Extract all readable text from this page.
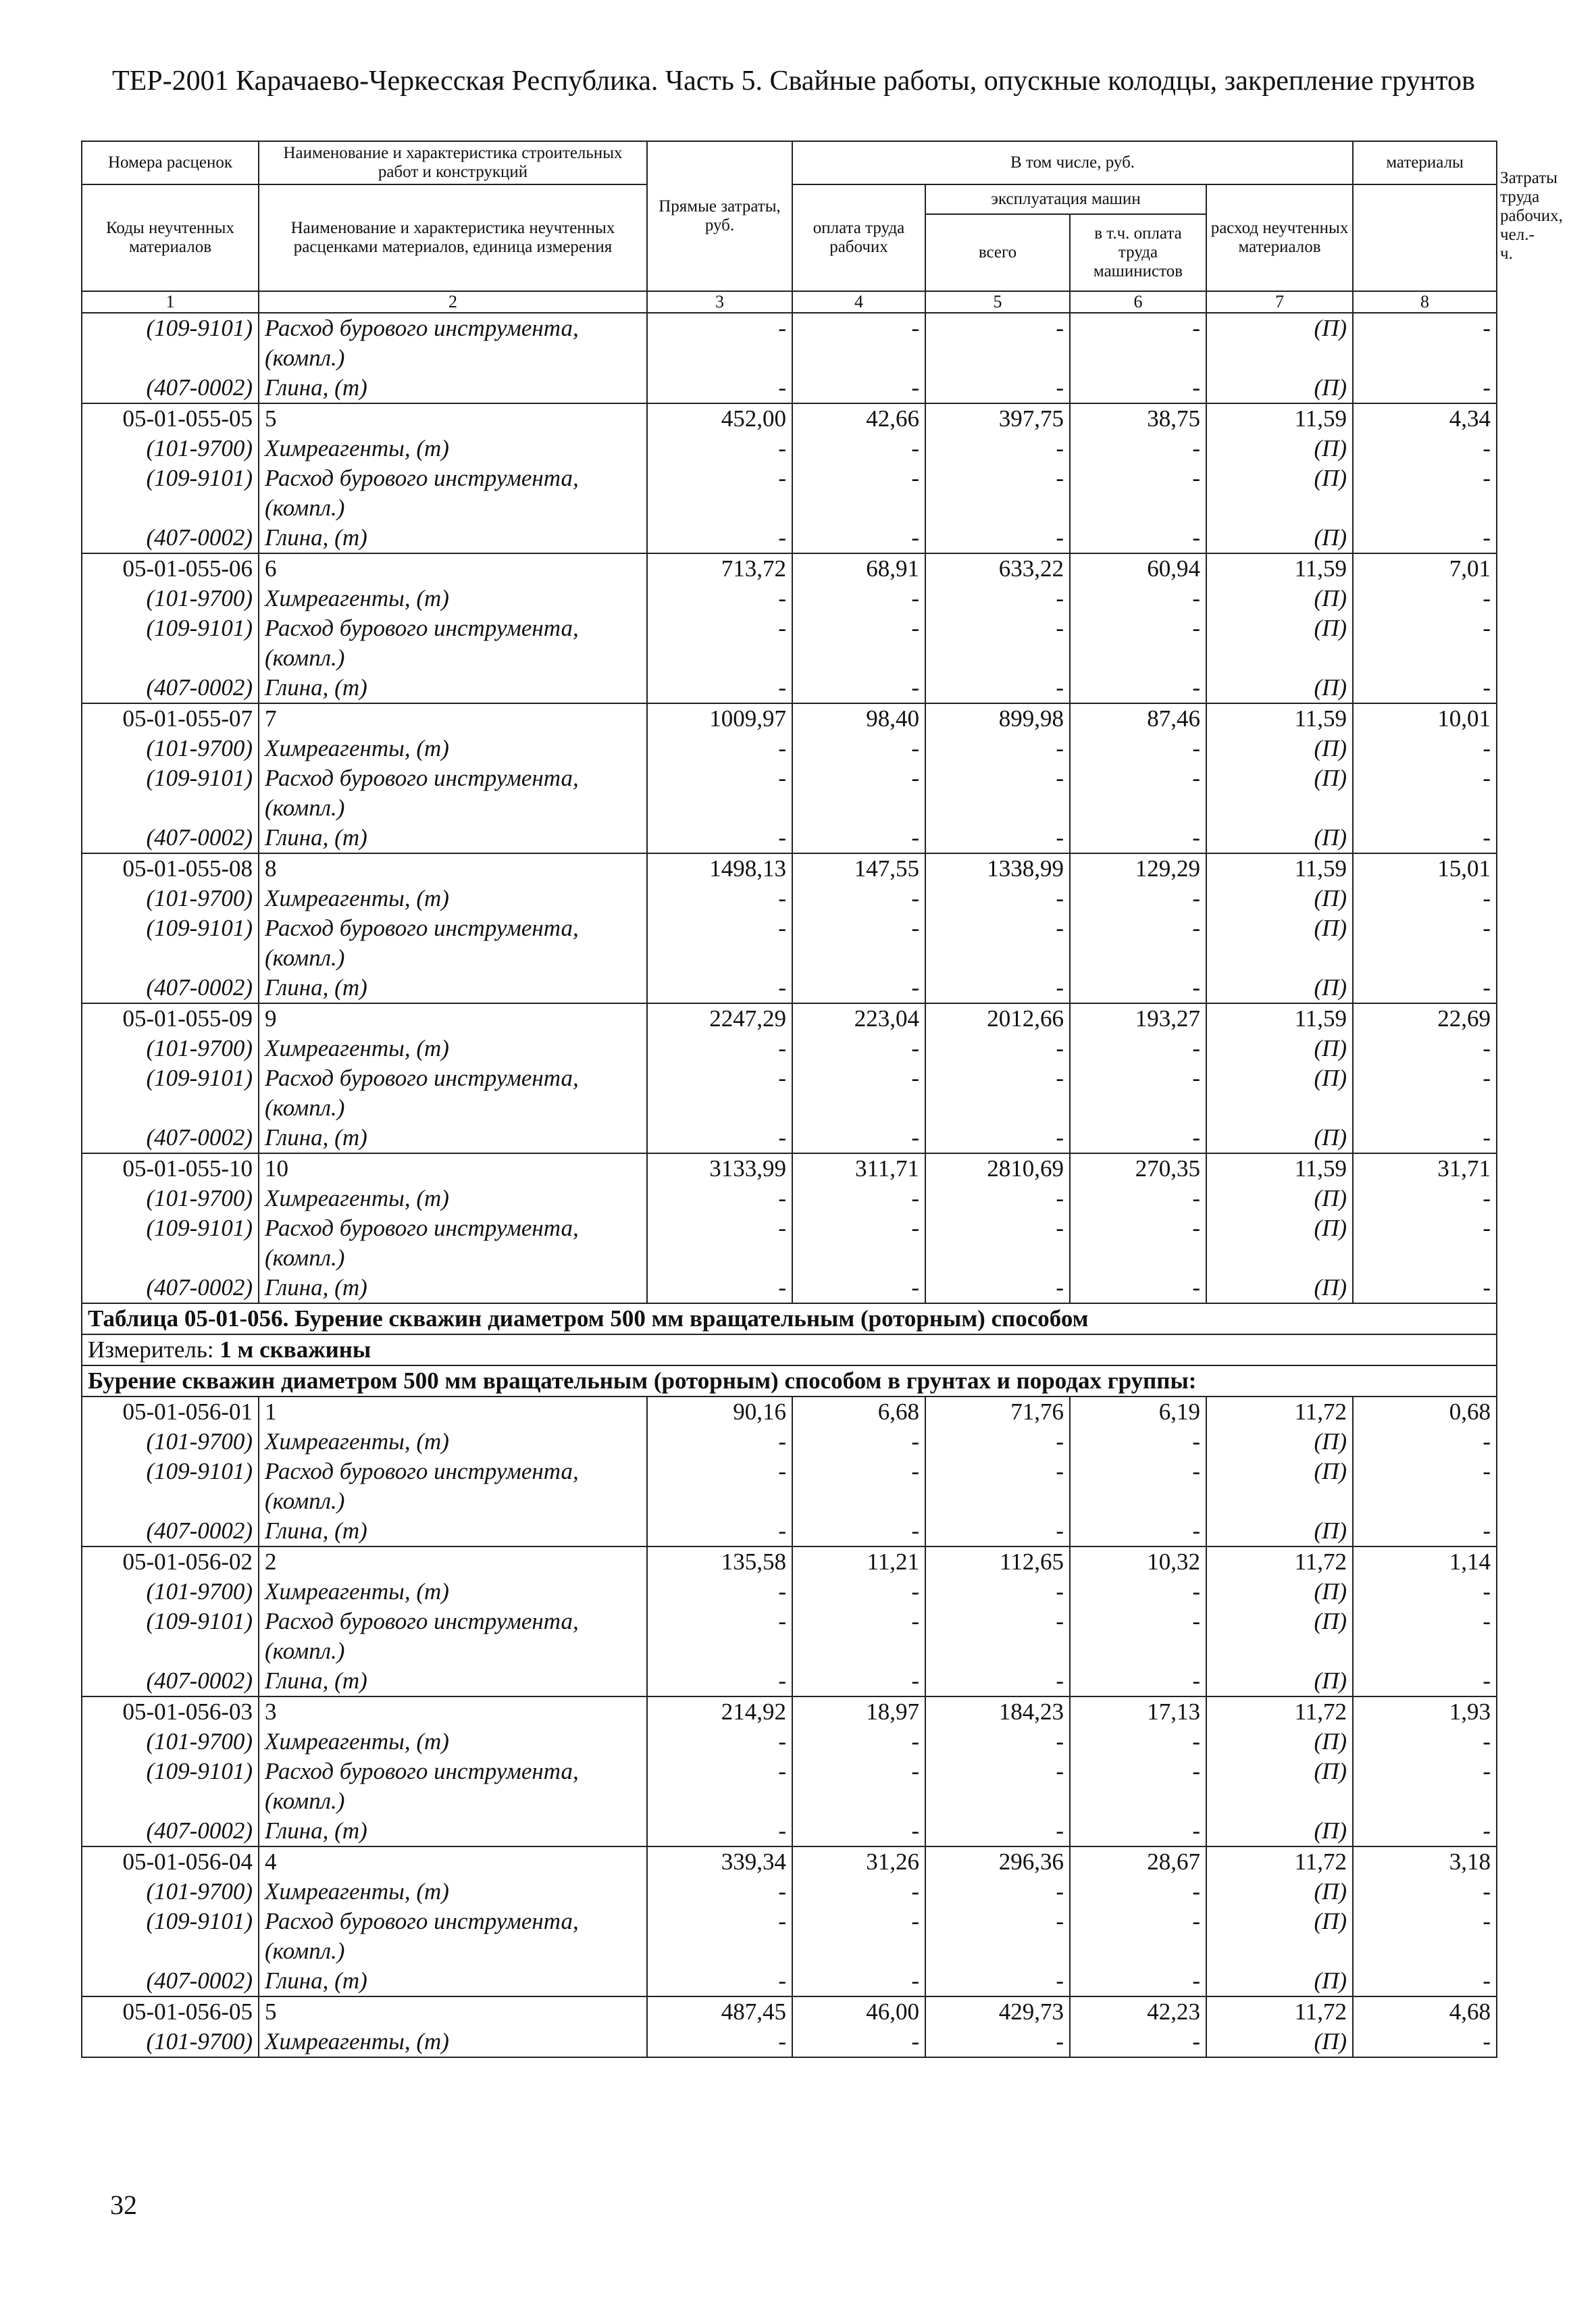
ТЕР-2001 Карачаево-Черкесская Республика. Часть 5. Свайные работы, опускные колодцы, закрепление грунтов
Номера расценок	Наименование и характеристика строительных работ и конструкций	Прямые затраты, руб.	В том числе, руб.				материалы	Затраты труда рабочих, чел.-ч.
Коды неучтенных материалов	Наименование и характеристика неучтенных расценками материалов, единица измерения		оплата труда рабочих	эксплуатация машин		расход неучтенных материалов		
				всего	в т.ч. оплата труда машинистов			
1	2	3	4	5	6	7	8	
(109-9101)	Расход бурового инструмента, (компл.)	-	-	-	-	(П)	-	
(407-0002)	Глина, (т)	-	-	-	-	(П)	-	
05-01-055-05	5	452,00	42,66	397,75	38,75	11,59	4,34	
(101-9700)	Химреагенты, (т)	-	-	-	-	(П)	-	
(109-9101)	Расход бурового инструмента, (компл.)	-	-	-	-	(П)	-	
(407-0002)	Глина, (т)	-	-	-	-	(П)	-	
05-01-055-06	6	713,72	68,91	633,22	60,94	11,59	7,01	
(101-9700)	Химреагенты, (т)	-	-	-	-	(П)	-	
(109-9101)	Расход бурового инструмента, (компл.)	-	-	-	-	(П)	-	
(407-0002)	Глина, (т)	-	-	-	-	(П)	-	
05-01-055-07	7	1009,97	98,40	899,98	87,46	11,59	10,01	
(101-9700)	Химреагенты, (т)	-	-	-	-	(П)	-	
(109-9101)	Расход бурового инструмента, (компл.)	-	-	-	-	(П)	-	
(407-0002)	Глина, (т)	-	-	-	-	(П)	-	
05-01-055-08	8	1498,13	147,55	1338,99	129,29	11,59	15,01	
(101-9700)	Химреагенты, (т)	-	-	-	-	(П)	-	
(109-9101)	Расход бурового инструмента, (компл.)	-	-	-	-	(П)	-	
(407-0002)	Глина, (т)	-	-	-	-	(П)	-	
05-01-055-09	9	2247,29	223,04	2012,66	193,27	11,59	22,69	
(101-9700)	Химреагенты, (т)	-	-	-	-	(П)	-	
(109-9101)	Расход бурового инструмента, (компл.)	-	-	-	-	(П)	-	
(407-0002)	Глина, (т)	-	-	-	-	(П)	-	
05-01-055-10	10	3133,99	311,71	2810,69	270,35	11,59	31,71	
(101-9700)	Химреагенты, (т)	-	-	-	-	(П)	-	
(109-9101)	Расход бурового инструмента, (компл.)	-	-	-	-	(П)	-	
(407-0002)	Глина, (т)	-	-	-	-	(П)	-	
Таблица 05-01-056. Бурение скважин диаметром 500 мм вращательным (роторным) способом								
Измеритель: 1 м скважины								
Бурение скважин диаметром 500 мм вращательным (роторным) способом в грунтах и породах группы:								
05-01-056-01	1	90,16	6,68	71,76	6,19	11,72	0,68	
(101-9700)	Химреагенты, (т)	-	-	-	-	(П)	-	
(109-9101)	Расход бурового инструмента, (компл.)	-	-	-	-	(П)	-	
(407-0002)	Глина, (т)	-	-	-	-	(П)	-	
05-01-056-02	2	135,58	11,21	112,65	10,32	11,72	1,14	
(101-9700)	Химреагенты, (т)	-	-	-	-	(П)	-	
(109-9101)	Расход бурового инструмента, (компл.)	-	-	-	-	(П)	-	
(407-0002)	Глина, (т)	-	-	-	-	(П)	-	
05-01-056-03	3	214,92	18,97	184,23	17,13	11,72	1,93	
(101-9700)	Химреагенты, (т)	-	-	-	-	(П)	-	
(109-9101)	Расход бурового инструмента, (компл.)	-	-	-	-	(П)	-	
(407-0002)	Глина, (т)	-	-	-	-	(П)	-	
05-01-056-04	4	339,34	31,26	296,36	28,67	11,72	3,18	
(101-9700)	Химреагенты, (т)	-	-	-	-	(П)	-	
(109-9101)	Расход бурового инструмента, (компл.)	-	-	-	-	(П)	-	
(407-0002)	Глина, (т)	-	-	-	-	(П)	-	
05-01-056-05	5	487,45	46,00	429,73	42,23	11,72	4,68	
(101-9700)	Химреагенты, (т)	-	-	-	-	(П)	-	
32
